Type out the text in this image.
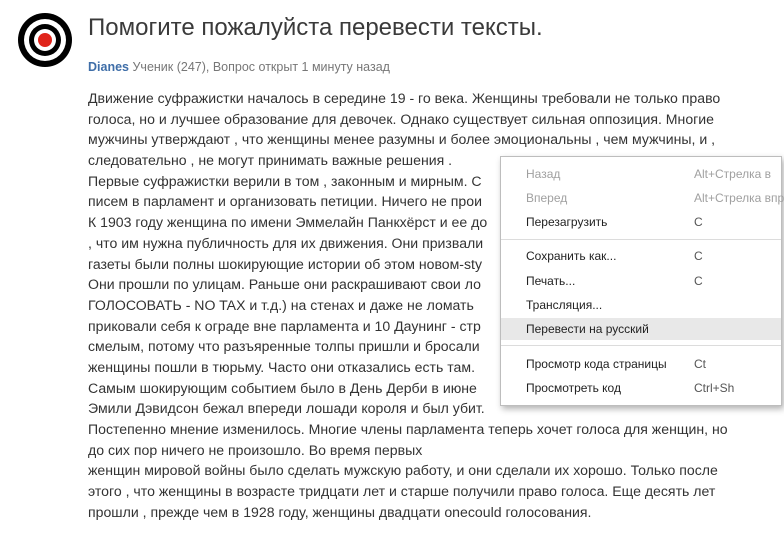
Помогите пожалуйста перевести тексты.
Dianes Ученик (247), Вопрос открыт 1 минуту назад
Движение суфражистки началось в середине 19 - го века. Женщины требовали не только право
голоса, но и лучшее образование для девочек. Однако существует сильная оппозиция. Многие
мужчины утверждают , что женщины менее разумны и более эмоциональны , чем мужчины, и ,
следовательно , не могут принимать важные решения .
Первые суфражистки верили в том , законным и мирным. С
писем в парламент и организовать петиции. Ничего не прои
К 1903 году женщина по имени Эммелайн Панкхёрст и ее до
, что им нужна публичность для их движения. Они призвали
газеты были полны шокирующие истории об этом новом-sty
Они прошли по улицам. Раньше они раскрашивают свои ло
ГОЛОСОВАТЬ - NO TAX и т.д.) на стенах и даже не ломать
приковали себя к ограде вне парламента и 10 Даунинг - стр
смелым, потому что разъяренные толпы пришли и бросали
женщины пошли в тюрьму. Часто они отказались есть там.
Самым шокирующим событием было в День Дерби в июне
Эмили Дэвидсон бежал впереди лошади короля и был убит.
Постепенно мнение изменилось. Многие члены парламента теперь хочет голоса для женщин, но
до сих пор ничего не произошло. Во время первых
женщин мировой войны было сделать мужскую работу, и они сделали их хорошо. Только после
этого , что женщины в возрасте тридцати лет и старше получили право голоса. Еще десять лет
прошли , прежде чем в 1928 году, женщины двадцати onecould голосования.
Назад	Alt+Стрелка в
Вперед	Alt+Стрелка впр
Перезагрузить	C
Сохранить как...	C
Печать...	C
Трансляция...
Перевести на русский
Просмотр кода страницы Ct
Просмотреть код	Ctrl+Sh
